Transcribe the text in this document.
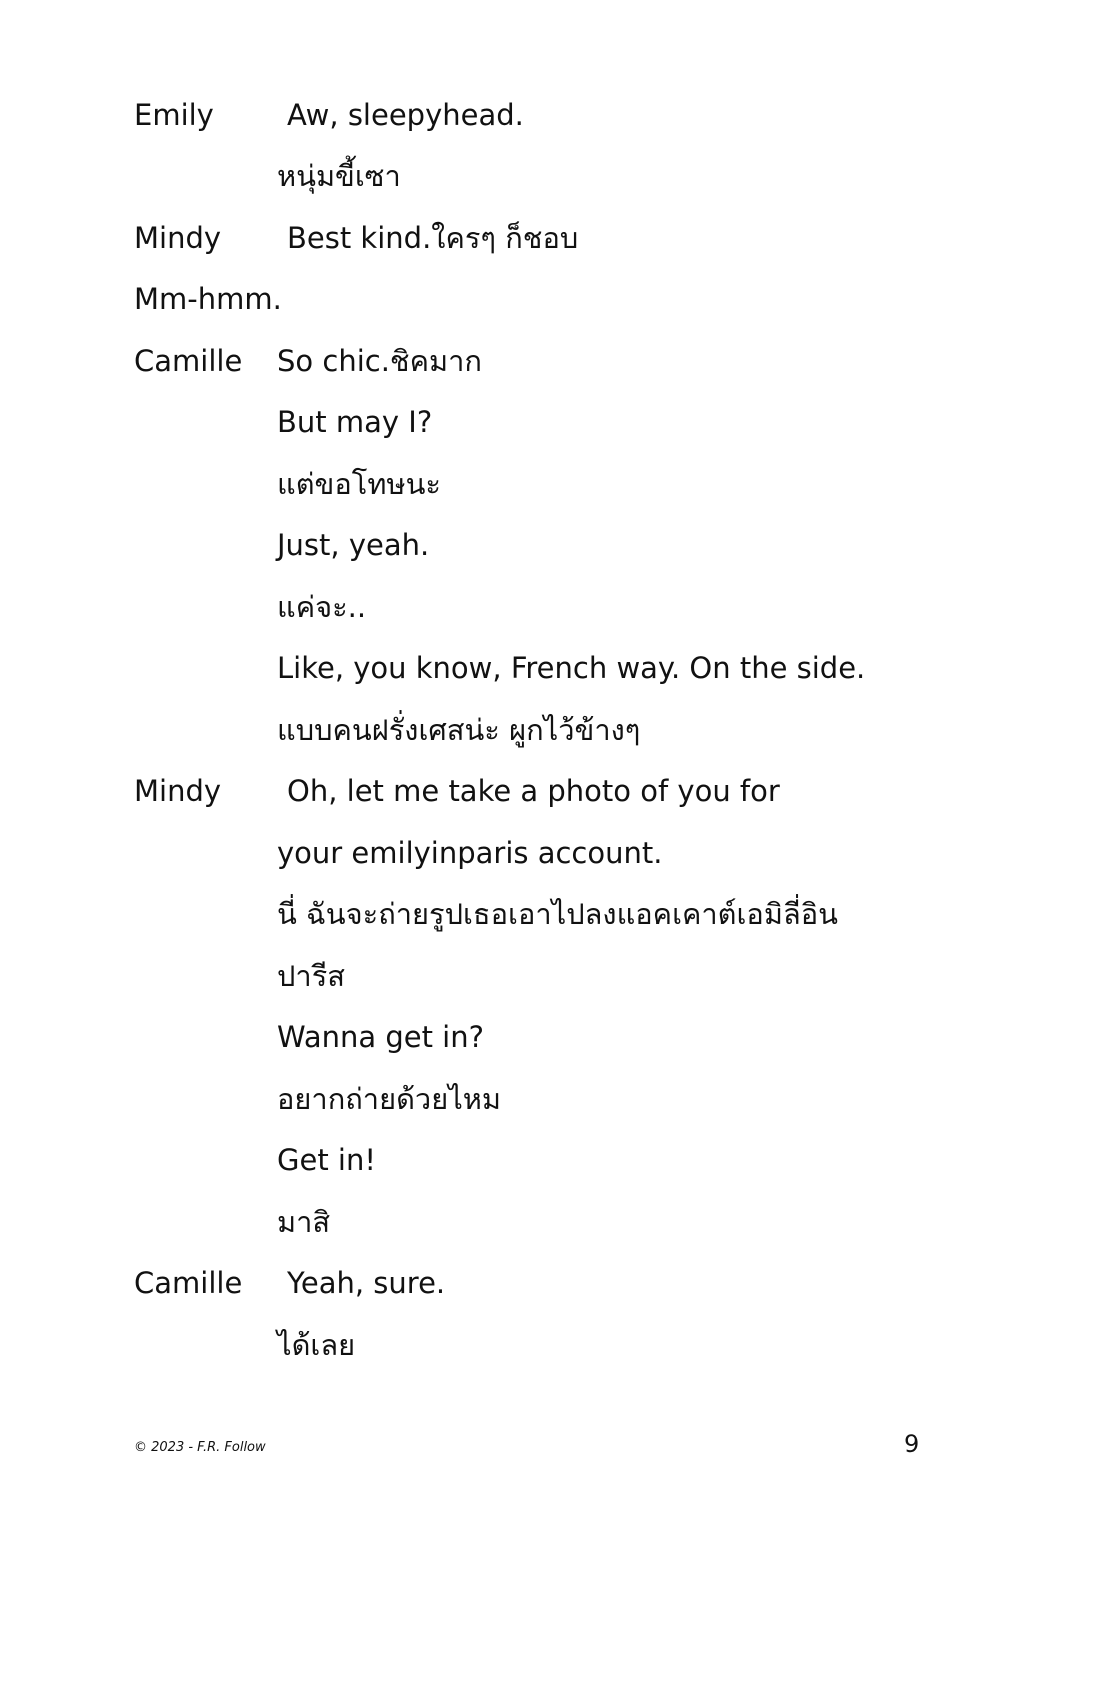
Emily	Aw, sleepyhead.
หนุ่มขี้เซา
Mindy Best kind.ใครๆ ก็ชอบ
Mm-hmm.
Camille So chic.ชิคมาก
But may I?
แต่ขอโทษนะ
Just, yeah.
แค่จะ..
Like, you know, French way. On the side.
แบบคนฝรั่งเศสน่ะ ผูกไว้ข้างๆ
Mindy Oh, let me take a photo of you for
your emilyinparis account.
นี่ ฉันจะถ่ายรูปเธอเอาไปลงแอคเคาต์เอมิลี่อิน
ปารีส
Wanna get in?
อยากถ่ายด้วยไหม
Get in!
มาสิ
Camille Yeah, sure.
ได้เลย
© 2023 - F.R. Follow	9
